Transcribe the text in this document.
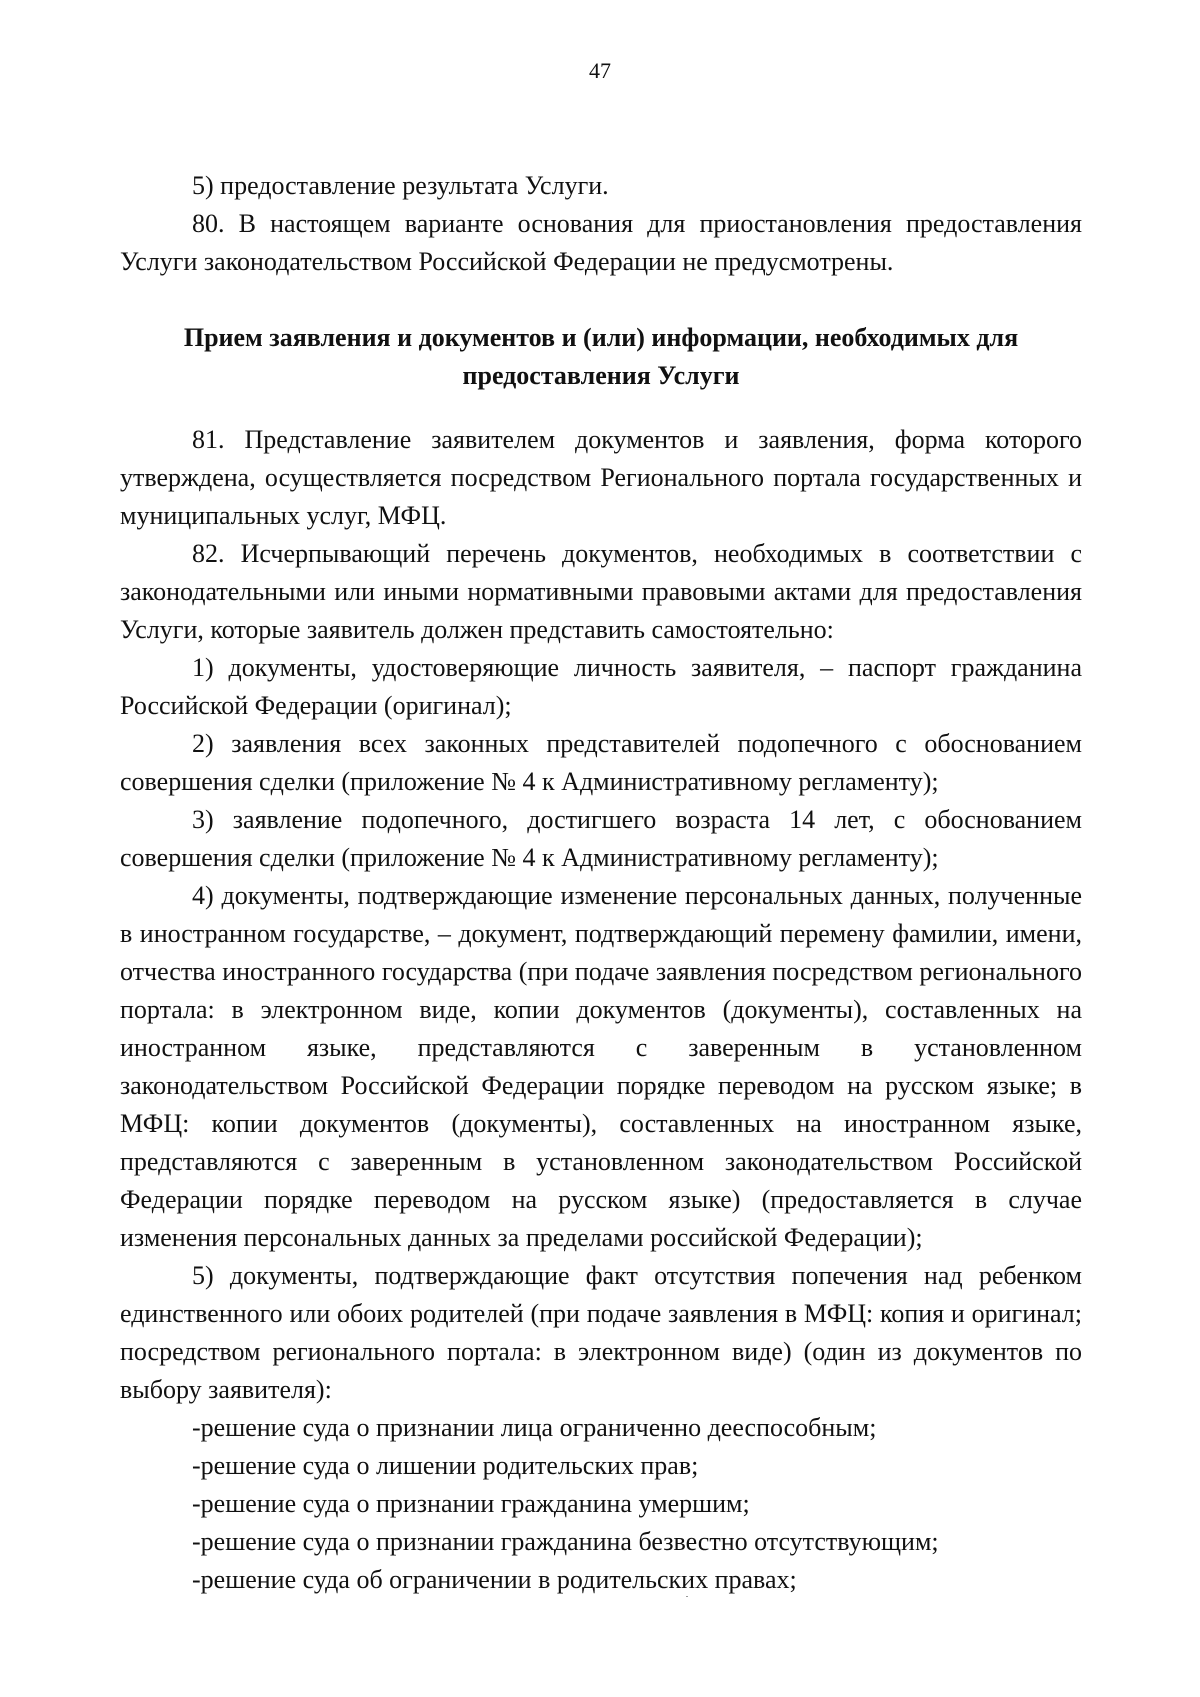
47

5) предоставление результата Услуги.

80. В настоящем варианте основания для приостановления предоставления Услуги законодательством Российской Федерации не предусмотрены.

Прием заявления и документов и (или) информации, необходимых для предоставления Услуги

81. Представление заявителем документов и заявления, форма которого утверждена, осуществляется посредством Регионального портала государственных и муниципальных услуг, МФЦ.

82. Исчерпывающий перечень документов, необходимых в соответствии с законодательными или иными нормативными правовыми актами для предоставления Услуги, которые заявитель должен представить самостоятельно:

1) документы, удостоверяющие личность заявителя, – паспорт гражданина Российской Федерации (оригинал);

2) заявления всех законных представителей подопечного с обоснованием совершения сделки (приложение № 4 к Административному регламенту);

3) заявление подопечного, достигшего возраста 14 лет, с обоснованием совершения сделки (приложение № 4 к Административному регламенту);

4) документы, подтверждающие изменение персональных данных, полученные в иностранном государстве, – документ, подтверждающий перемену фамилии, имени, отчества иностранного государства (при подаче заявления посредством регионального портала: в электронном виде, копии документов (документы), составленных на иностранном языке, представляются с заверенным в установленном законодательством Российской Федерации порядке переводом на русском языке; в МФЦ: копии документов (документы), составленных на иностранном языке, представляются с заверенным в установленном законодательством Российской Федерации порядке переводом на русском языке) (предоставляется в случае изменения персональных данных за пределами российской Федерации);

5) документы, подтверждающие факт отсутствия попечения над ребенком единственного или обоих родителей (при подаче заявления в МФЦ: копия и оригинал; посредством регионального портала: в электронном виде) (один из документов по выбору заявителя):

-решение суда о признании лица ограниченно дееспособным;

-решение суда о лишении родительских прав;

-решение суда о признании гражданина умершим;

-решение суда о признании гражданина безвестно отсутствующим;

-решение суда об ограничении в родительских правах;
